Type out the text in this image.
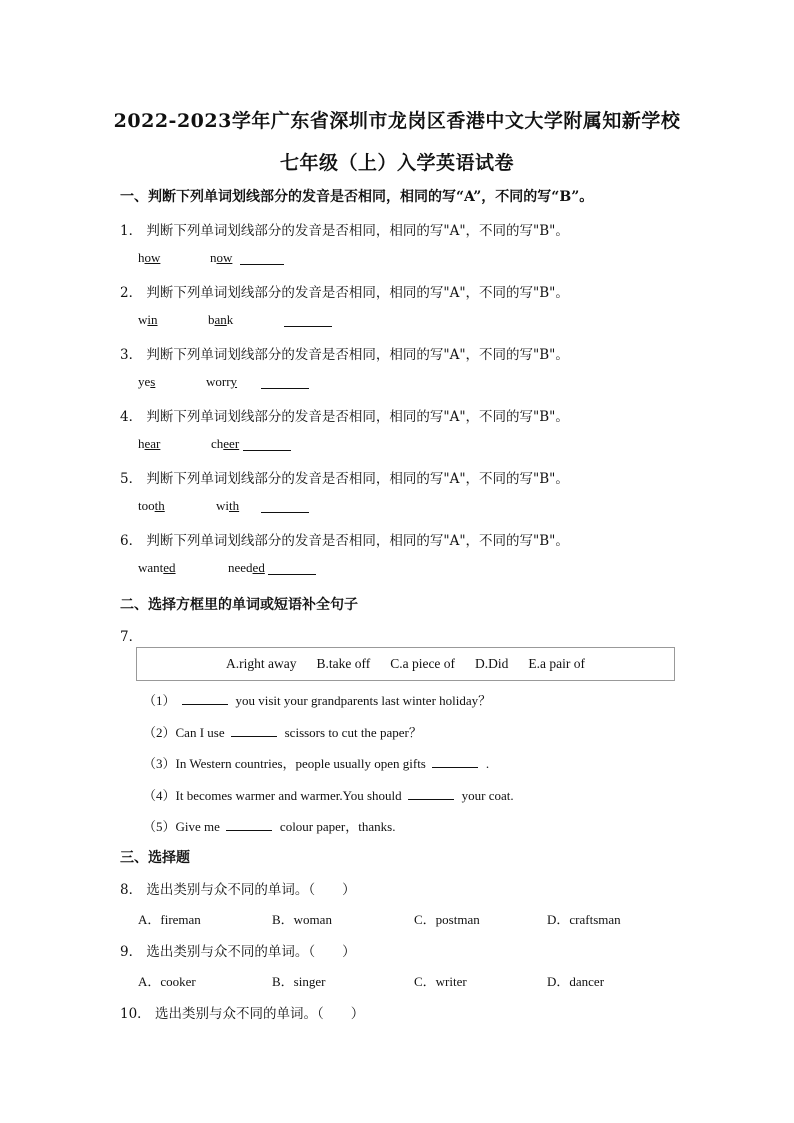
2022-2023学年广东省深圳市龙岗区香港中文大学附属知新学校
七年级（上）入学英语试卷
一、判断下列单词划线部分的发音是否相同，相同的写“A”，不同的写“B”。
1． 判断下列单词划线部分的发音是否相同，相同的写"A"，不同的写"B"。
how	now
2． 判断下列单词划线部分的发音是否相同，相同的写"A"，不同的写"B"。
win	bank
3． 判断下列单词划线部分的发音是否相同，相同的写"A"，不同的写"B"。
yes	worry
4． 判断下列单词划线部分的发音是否相同，相同的写"A"，不同的写"B"。
hear	cheer
5． 判断下列单词划线部分的发音是否相同，相同的写"A"，不同的写"B"。
tooth	with
6． 判断下列单词划线部分的发音是否相同，相同的写"A"，不同的写"B"。
wanted	needed
二、选择方框里的单词或短语补全句子
7．
A.right away B.take off C.a piece of D.Did E.a pair of
（1）	you visit your grandparents last winter holiday？
（2）Can I use	scissors to cut the paper？
（3）In Western countries，people usually open gifts	.
（4）It becomes warmer and warmer.You should	your coat.
（5）Give me	colour paper，thanks.
三、选择题
8． 选出类别与众不同的单词。（　　）
A．fireman	B．woman	C．postman	D．craftsman
9． 选出类别与众不同的单词。（　　）
A．cooker	B．singer	C．writer	D．dancer
10． 选出类别与众不同的单词。（　　）
